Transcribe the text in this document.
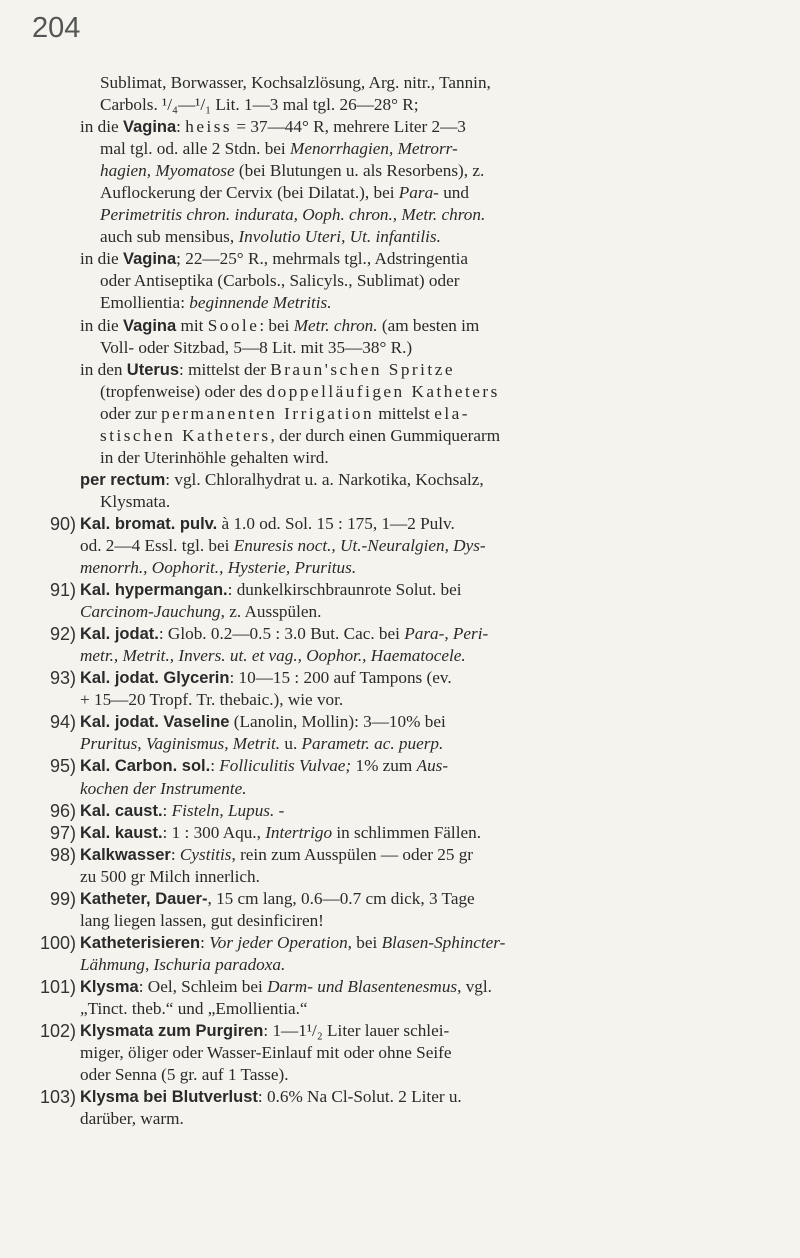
204
Sublimat, Borwasser, Kochsalzlösung, Arg. nitr., Tannin,
Carbols. ¹/₄—¹/₁ Lit. 1—3 mal tgl. 26—28° R;
in die Vagina: heiss = 37—44° R, mehrere Liter 2—3
mal tgl. od. alle 2 Stdn. bei Menorrhagien, Metrorr-
hagien, Myomatose (bei Blutungen u. als Resorbens), z.
Auflockerung der Cervix (bei Dilatat.), bei Para- und
Perimetritis chron. indurata, Ooph. chron., Metr. chron.
auch sub mensibus, Involutio Uteri, Ut. infantilis.
in die Vagina; 22—25° R., mehrmals tgl., Adstringentia
oder Antiseptika (Carbols., Salicyls., Sublimat) oder
Emollientia: beginnende Metritis.
in die Vagina mit Soole: bei Metr. chron. (am besten im
Voll- oder Sitzbad, 5—8 Lit. mit 35—38° R.)
in den Uterus: mittelst der Braun'schen Spritze
(tropfenweise) oder des doppelläufigen Katheters
oder zur permanenten Irrigation mittelst ela-
stischen Katheters, der durch einen Gummiquerarm
in der Uterinhöhle gehalten wird.
per rectum: vgl. Chloralhydrat u. a. Narkotika, Kochsalz,
Klysmata.
90) Kal. bromat. pulv. à 1.0 od. Sol. 15 : 175, 1—2 Pulv.
od. 2—4 Essl. tgl. bei Enuresis noct., Ut.-Neuralgien, Dys-
menorrh., Oophorit., Hysterie, Pruritus.
91) Kal. hypermangan.: dunkelkirschbraunrote Solut. bei
Carcinom-Jauchung, z. Ausspülen.
92) Kal. jodat.: Glob. 0.2—0.5 : 3.0 But. Cac. bei Para-, Peri-
metr., Metrit., Invers. ut. et vag., Oophor., Haematocele.
93) Kal. jodat. Glycerin: 10—15 : 200 auf Tampons (ev.
+ 15—20 Tropf. Tr. thebaic.), wie vor.
94) Kal. jodat. Vaseline (Lanolin, Mollin): 3—10% bei
Pruritus, Vaginismus, Metrit. u. Parametr. ac. puerp.
95) Kal. Carbon. sol.: Folliculitis Vulvae; 1% zum Aus-
kochen der Instrumente.
96) Kal. caust.: Fisteln, Lupus. -
97) Kal. kaust.: 1 : 300 Aqu., Intertrigo in schlimmen Fällen.
98) Kalkwasser: Cystitis, rein zum Ausspülen — oder 25 gr
zu 500 gr Milch innerlich.
99) Katheter, Dauer-, 15 cm lang, 0.6—0.7 cm dick, 3 Tage
lang liegen lassen, gut desinficiren!
100) Katheterisieren: Vor jeder Operation, bei Blasen-Sphincter-
Lähmung, Ischuria paradoxa.
101) Klysma: Oel, Schleim bei Darm- und Blasentenesmus, vgl.
„Tinct. theb.“ und „Emollientia.“
102) Klysmata zum Purgiren: 1—1¹/₂ Liter lauer schlei-
miger, öliger oder Wasser-Einlauf mit oder ohne Seife
oder Senna (5 gr. auf 1 Tasse).
103) Klysma bei Blutverlust: 0.6% Na Cl-Solut. 2 Liter u.
darüber, warm.
